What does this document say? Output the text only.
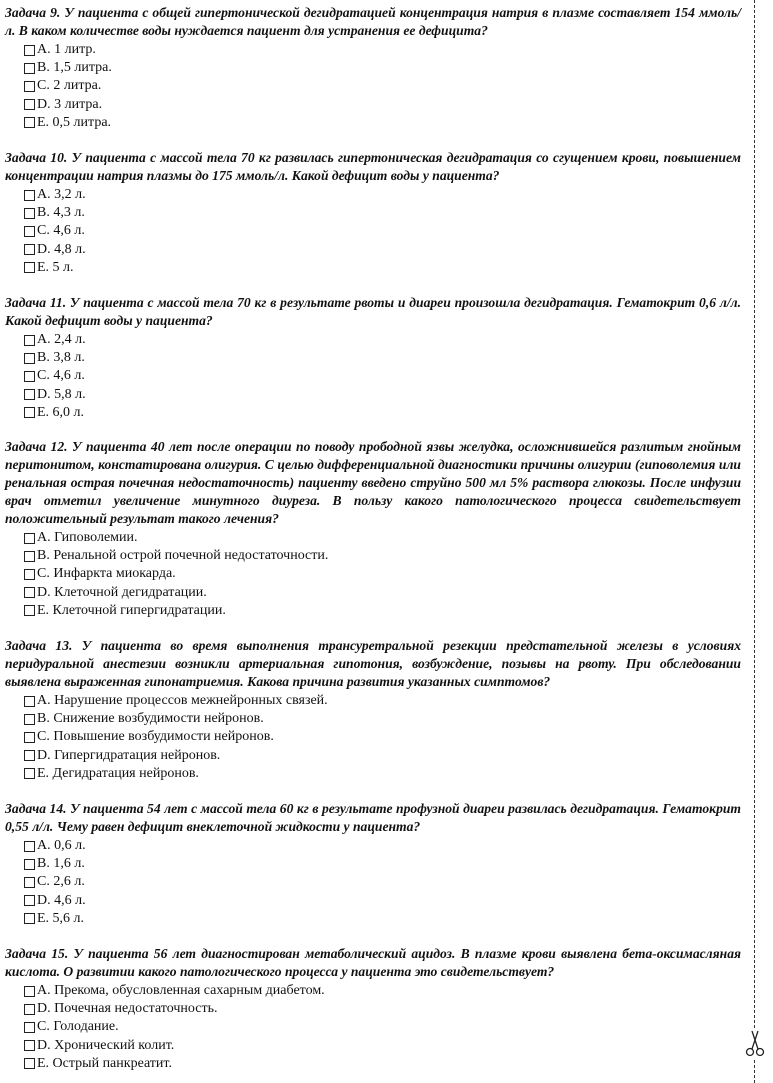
Задача 9. У пациента с общей гипертонической дегидратацией концентрация натрия в плазме составляет 154 ммоль/л. В каком количестве воды нуждается пациент для устранения ее дефицита?

A. 1 литр.
B. 1,5 литра.
C. 2 литра.
D. 3 литра.
E. 0,5 литра.

Задача 10. У пациента с массой тела 70 кг развилась гипертоническая дегидратация со сгущением крови, повышением концентрации натрия плазмы до 175 ммоль/л. Какой дефицит воды у пациента?

A. 3,2 л.
B. 4,3 л.
C. 4,6 л.
D. 4,8 л.
E. 5 л.

Задача 11. У пациента с массой тела 70 кг в результате рвоты и диареи произошла дегидратация. Гематокрит 0,6 л/л. Какой дефицит воды у пациента?

A. 2,4 л.
B. 3,8 л.
C. 4,6 л.
D. 5,8 л.
E. 6,0 л.

Задача 12. У пациента 40 лет после операции по поводу прободной язвы желудка, осложнившейся разлитым гнойным перитонитом, констатирована олигурия. С целью дифференциальной диагностики причины олигурии (гиповолемия или ренальная острая почечная недостаточность) пациенту введено струйно 500 мл 5% раствора глюкозы. После инфузии врач отметил увеличение минутного диуреза. В пользу какого патологического процесса свидетельствует положительный результат такого лечения?

A. Гиповолемии.
B. Ренальной острой почечной недостаточности.
C. Инфаркта миокарда.
D. Клеточной дегидратации.
E. Клеточной гипергидратации.

Задача 13. У пациента во время выполнения трансуретральной резекции предстательной железы в условиях перидуральной анестезии возникли артериальная гипотония, возбуждение, позывы на рвоту. При обследовании выявлена выраженная гипонатриемия. Какова причина развития указанных симптомов?

A. Нарушение процессов межнейронных связей.
B. Снижение возбудимости нейронов.
C. Повышение возбудимости нейронов.
D. Гипергидратация нейронов.
E. Дегидратация нейронов.

Задача 14. У пациента 54 лет с массой тела 60 кг в результате профузной диареи развилась дегидратация. Гематокрит 0,55 л/л. Чему равен дефицит внеклеточной жидкости у пациента?

A. 0,6 л.
B. 1,6 л.
C. 2,6 л.
D. 4,6 л.
E. 5,6 л.

Задача 15. У пациента 56 лет диагностирован метаболический ацидоз. В плазме крови выявлена бета-оксимасляная кислота. О развитии какого патологического процесса у пациента это свидетельствует?

A. Прекома, обусловленная сахарным диабетом.
D. Почечная недостаточность.
C. Голодание.
D. Хронический колит.
E. Острый панкреатит.
